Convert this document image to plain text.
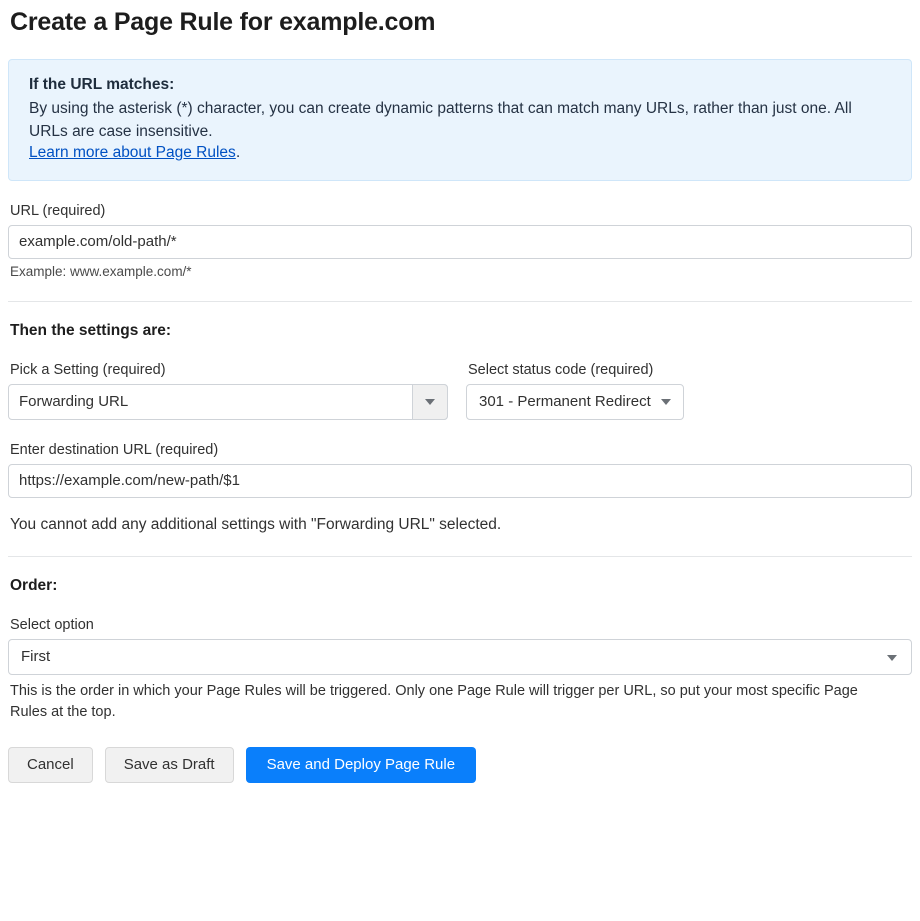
Create a Page Rule for example.com
If the URL matches:
By using the asterisk (*) character, you can create dynamic patterns that can match many URLs, rather than just one. All URLs are case insensitive.
Learn more about Page Rules.
URL (required)
example.com/old-path/*
Example: www.example.com/*
Then the settings are:
Pick a Setting (required)
Forwarding URL
Select status code (required)
301 - Permanent Redirect
Enter destination URL (required)
https://example.com/new-path/$1
You cannot add any additional settings with "Forwarding URL" selected.
Order:
Select option
First
This is the order in which your Page Rules will be triggered. Only one Page Rule will trigger per URL, so put your most specific Page Rules at the top.
Cancel	Save as Draft	Save and Deploy Page Rule
